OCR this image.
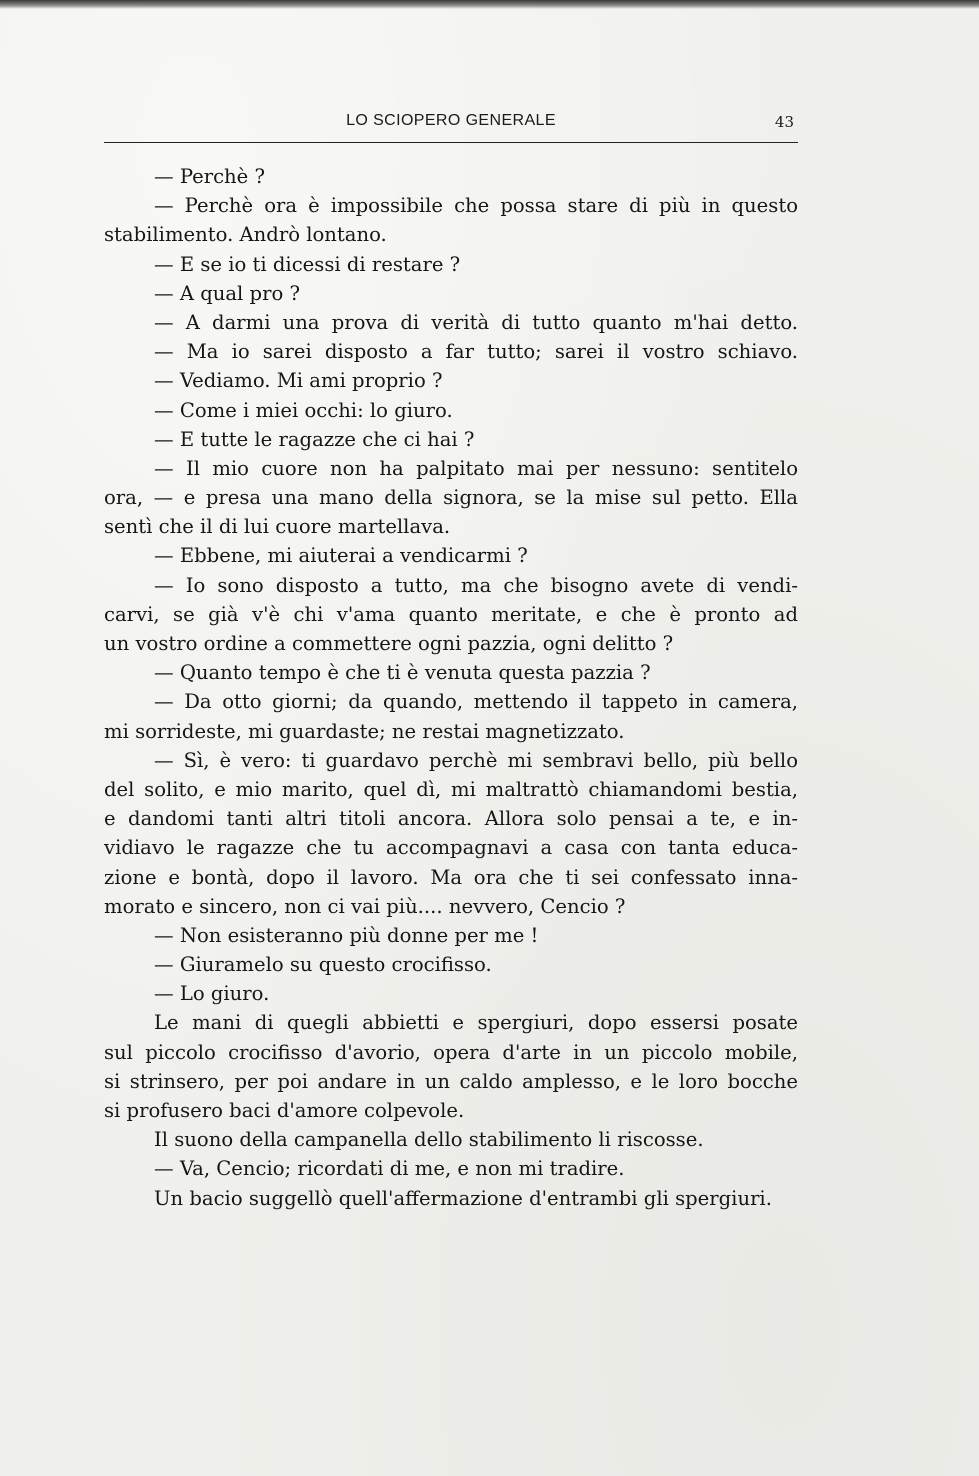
LO SCIOPERO GENERALE	43
— Perchè ?
— Perchè ora è impossibile che possa stare di più in questo
stabilimento. Andrò lontano.
— E se io ti dicessi di restare ?
— A qual pro ?
— A darmi una prova di verità di tutto quanto m'hai detto.
— Ma io sarei disposto a far tutto; sarei il vostro schiavo.
— Vediamo. Mi ami proprio ?
— Come i miei occhi: lo giuro.
— E tutte le ragazze che ci hai ?
— Il mio cuore non ha palpitato mai per nessuno: sentitelo
ora, — e presa una mano della signora, se la mise sul petto. Ella
sentì che il di lui cuore martellava.
— Ebbene, mi aiuterai a vendicarmi ?
— Io sono disposto a tutto, ma che bisogno avete di vendi-
carvi, se già v'è chi v'ama quanto meritate, e che è pronto ad
un vostro ordine a commettere ogni pazzia, ogni delitto ?
— Quanto tempo è che ti è venuta questa pazzia ?
— Da otto giorni; da quando, mettendo il tappeto in camera,
mi sorrideste, mi guardaste; ne restai magnetizzato.
— Sì, è vero: ti guardavo perchè mi sembravi bello, più bello
del solito, e mio marito, quel dì, mi maltrattò chiamandomi bestia,
e dandomi tanti altri titoli ancora. Allora solo pensai a te, e in-
vidiavo le ragazze che tu accompagnavi a casa con tanta educa-
zione e bontà, dopo il lavoro. Ma ora che ti sei confessato inna-
morato e sincero, non ci vai più.... nevvero, Cencio ?
— Non esisteranno più donne per me !
— Giuramelo su questo crocifisso.
— Lo giuro.
Le mani di quegli abbietti e spergiuri, dopo essersi posate
sul piccolo crocifisso d'avorio, opera d'arte in un piccolo mobile,
si strinsero, per poi andare in un caldo amplesso, e le loro bocche
si profusero baci d'amore colpevole.
Il suono della campanella dello stabilimento li riscosse.
— Va, Cencio; ricordati di me, e non mi tradire.
Un bacio suggellò quell'affermazione d'entrambi gli spergiuri.
